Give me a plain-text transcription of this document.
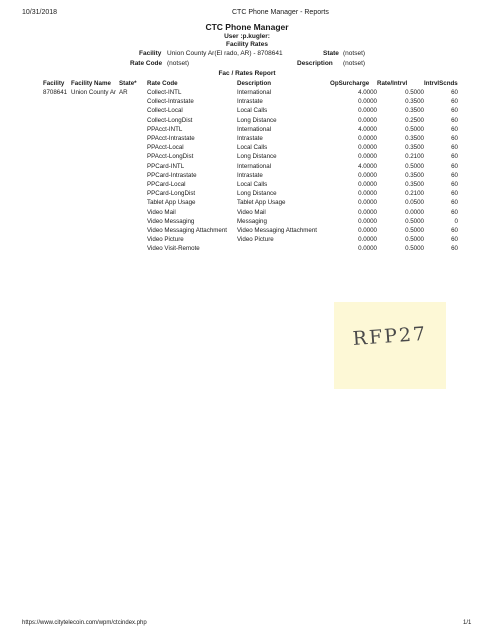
10/31/2018	CTC Phone Manager - Reports
CTC Phone Manager
User :p.kugler:
Facility Rates
Facility Union County Ar(El rado, AR) - 8708641	State (notset)
Rate Code (notset)	Description (notset)
Fac / Rates Report
Facility	Facility Name	State*	Rate Code	Description	OpSurcharge	Rate/Intrvl	IntrvlScnds
8708641	Union County Ar	AR	Collect-INTL	International	4.0000	0.5000	60
			Collect-Intrastate	Intrastate	0.0000	0.3500	60
			Collect-Local	Local Calls	0.0000	0.3500	60
			Collect-LongDist	Long Distance	0.0000	0.2500	60
			PPAcct-INTL	International	4.0000	0.5000	60
			PPAcct-Intrastate	Intrastate	0.0000	0.3500	60
			PPAcct-Local	Local Calls	0.0000	0.3500	60
			PPAcct-LongDist	Long Distance	0.0000	0.2100	60
			PPCard-INTL	International	4.0000	0.5000	60
			PPCard-Intrastate	Intrastate	0.0000	0.3500	60
			PPCard-Local	Local Calls	0.0000	0.3500	60
			PPCard-LongDist	Long Distance	0.0000	0.2100	60
			Tablet App Usage	Tablet App Usage	0.0000	0.0500	60
			Video Mail	Video Mail	0.0000	0.0000	60
			Video Messaging	Messaging	0.0000	0.5000	0
			Video Messaging Attachment	Video Messaging Attachment	0.0000	0.5000	60
			Video Picture	Video Picture	0.0000	0.5000	60
			Video Visit-Remote		0.0000	0.5000	60
RFP27
https://www.citytelecoin.com/wpm/ctcindex.php	1/1
